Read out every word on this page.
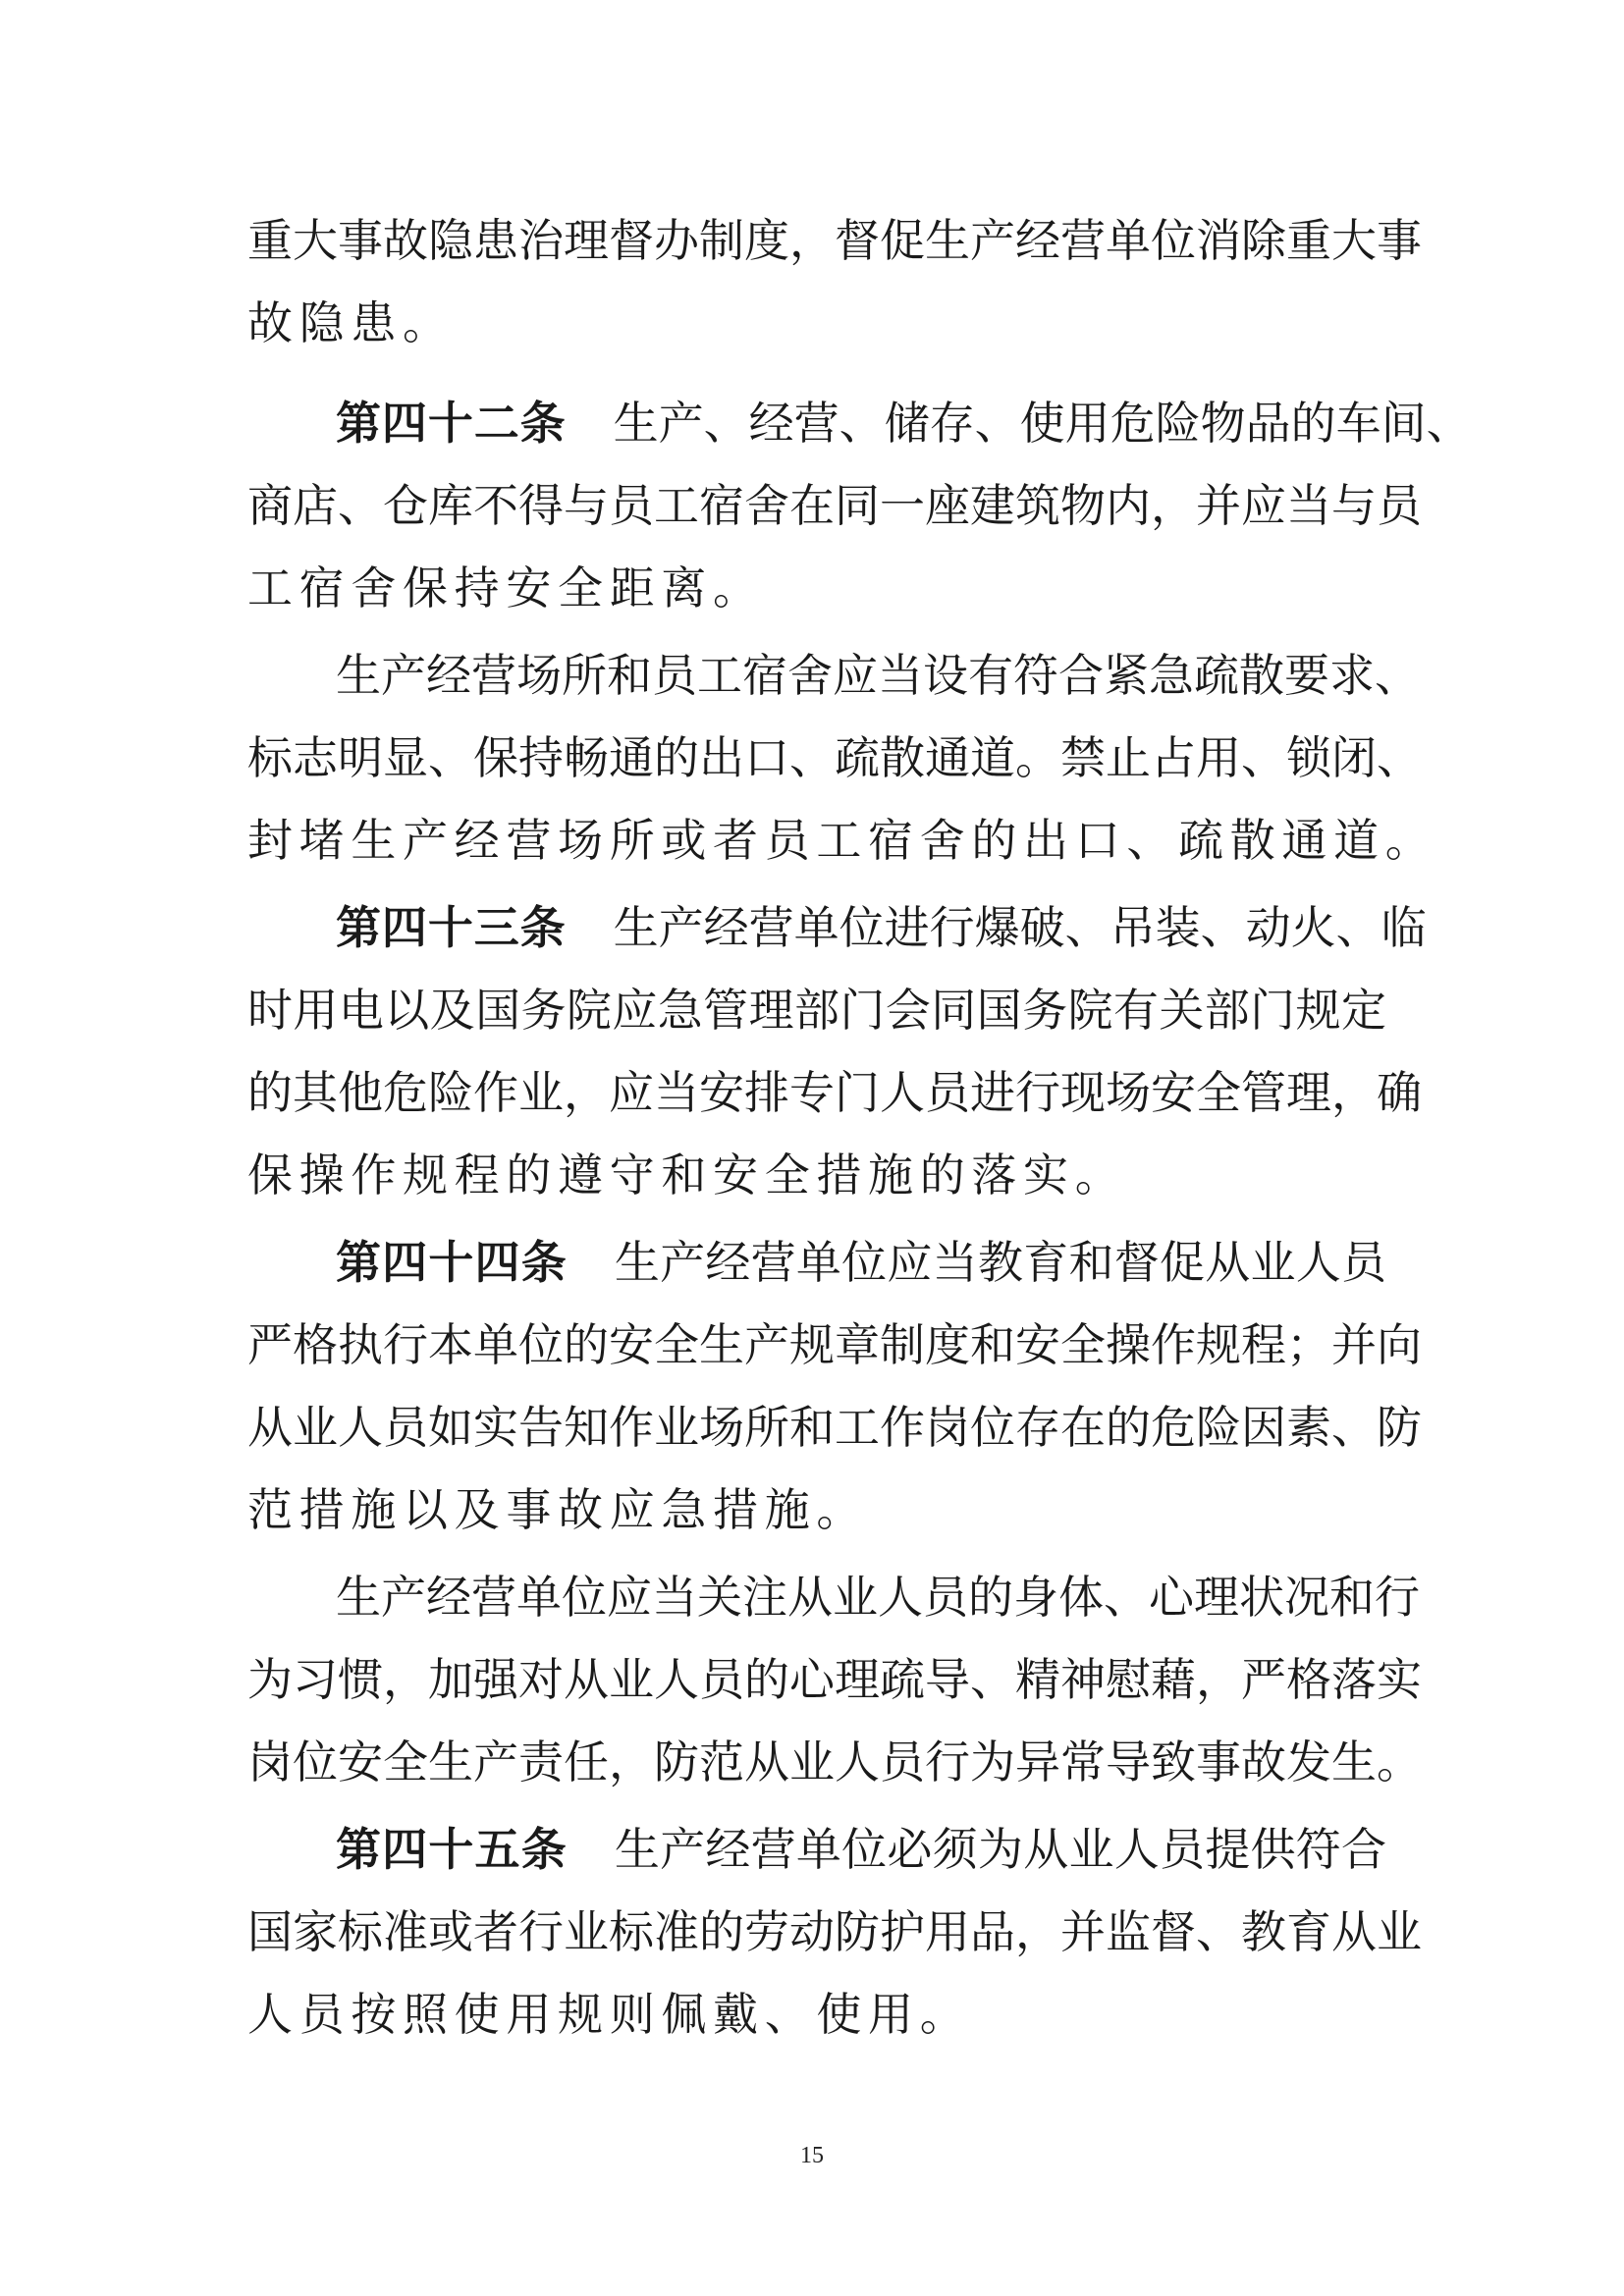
重大事故隐患治理督办制度，督促生产经营单位消除重大事
故隐患。
第四十二条 生产、经营、储存、使用危险物品的车间、
商店、仓库不得与员工宿舍在同一座建筑物内，并应当与员
工宿舍保持安全距离。
生产经营场所和员工宿舍应当设有符合紧急疏散要求、
标志明显、保持畅通的出口、疏散通道。禁止占用、锁闭、
封堵生产经营场所或者员工宿舍的出口、疏散通道。
第四十三条 生产经营单位进行爆破、吊装、动火、临
时用电以及国务院应急管理部门会同国务院有关部门规定
的其他危险作业，应当安排专门人员进行现场安全管理，确
保操作规程的遵守和安全措施的落实。
第四十四条 生产经营单位应当教育和督促从业人员
严格执行本单位的安全生产规章制度和安全操作规程；并向
从业人员如实告知作业场所和工作岗位存在的危险因素、防
范措施以及事故应急措施。
生产经营单位应当关注从业人员的身体、心理状况和行
为习惯，加强对从业人员的心理疏导、精神慰藉，严格落实
岗位安全生产责任，防范从业人员行为异常导致事故发生。
第四十五条 生产经营单位必须为从业人员提供符合
国家标准或者行业标准的劳动防护用品，并监督、教育从业
人员按照使用规则佩戴、使用。
15
